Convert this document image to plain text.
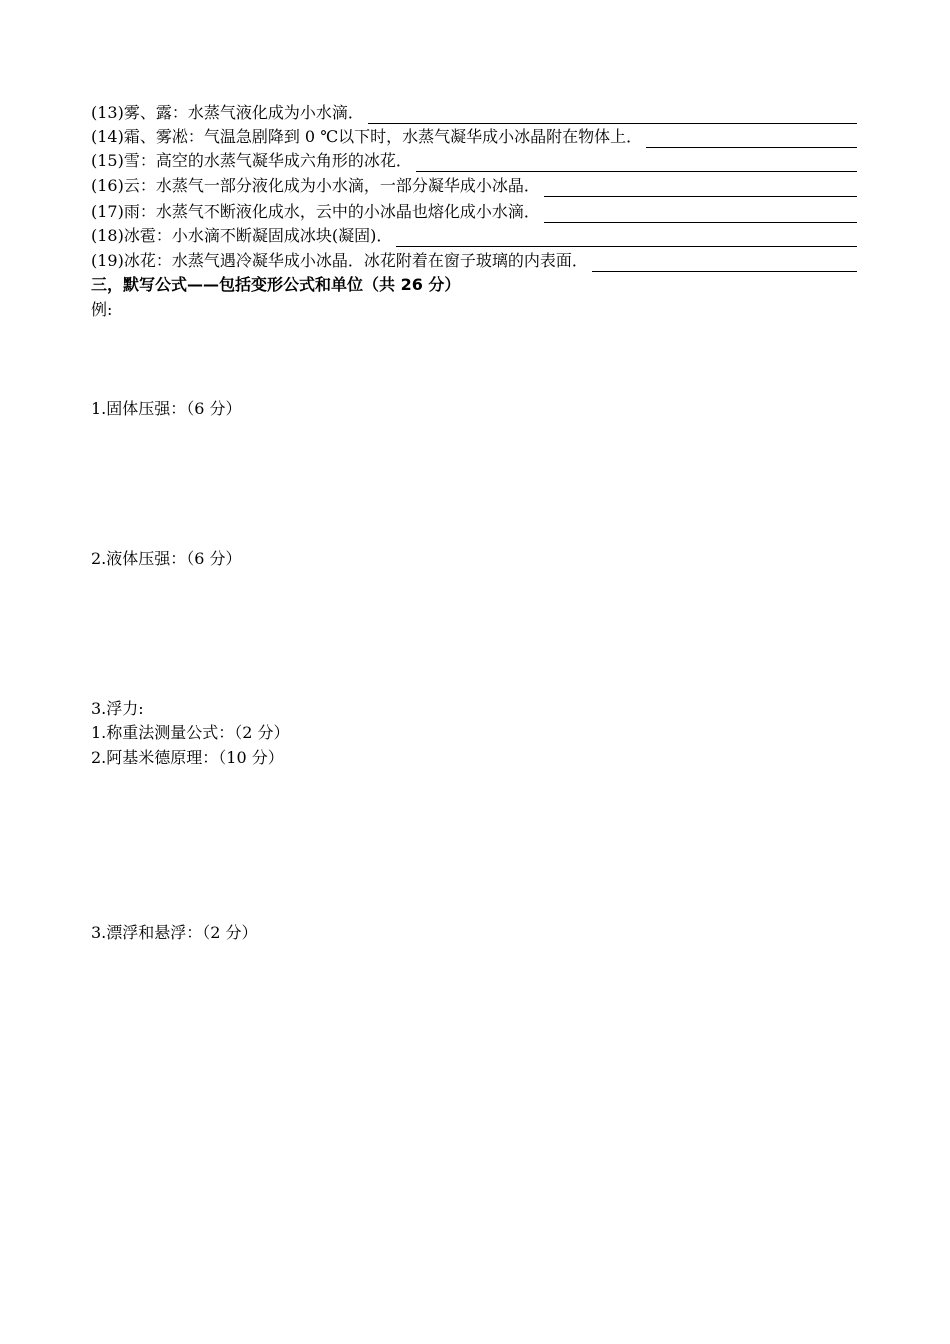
(13)雾、露：水蒸气液化成为小水滴．
(14)霜、雾凇：气温急剧降到 0 ℃以下时，水蒸气凝华成小冰晶附在物体上．
(15)雪：高空的水蒸气凝华成六角形的冰花．
(16)云：水蒸气一部分液化成为小水滴，一部分凝华成小冰晶．
(17)雨：水蒸气不断液化成水，云中的小冰晶也熔化成小水滴．
(18)冰雹：小水滴不断凝固成冰块(凝固)．
(19)冰花：水蒸气遇冷凝华成小冰晶．冰花附着在窗子玻璃的内表面．
三，默写公式——包括变形公式和单位（共 26 分）
例:
1.固体压强：（6 分）
2.液体压强：（6 分）
3.浮力:
1.称重法测量公式：（2 分）
2.阿基米德原理：（10 分）
3.漂浮和悬浮：（2 分）
